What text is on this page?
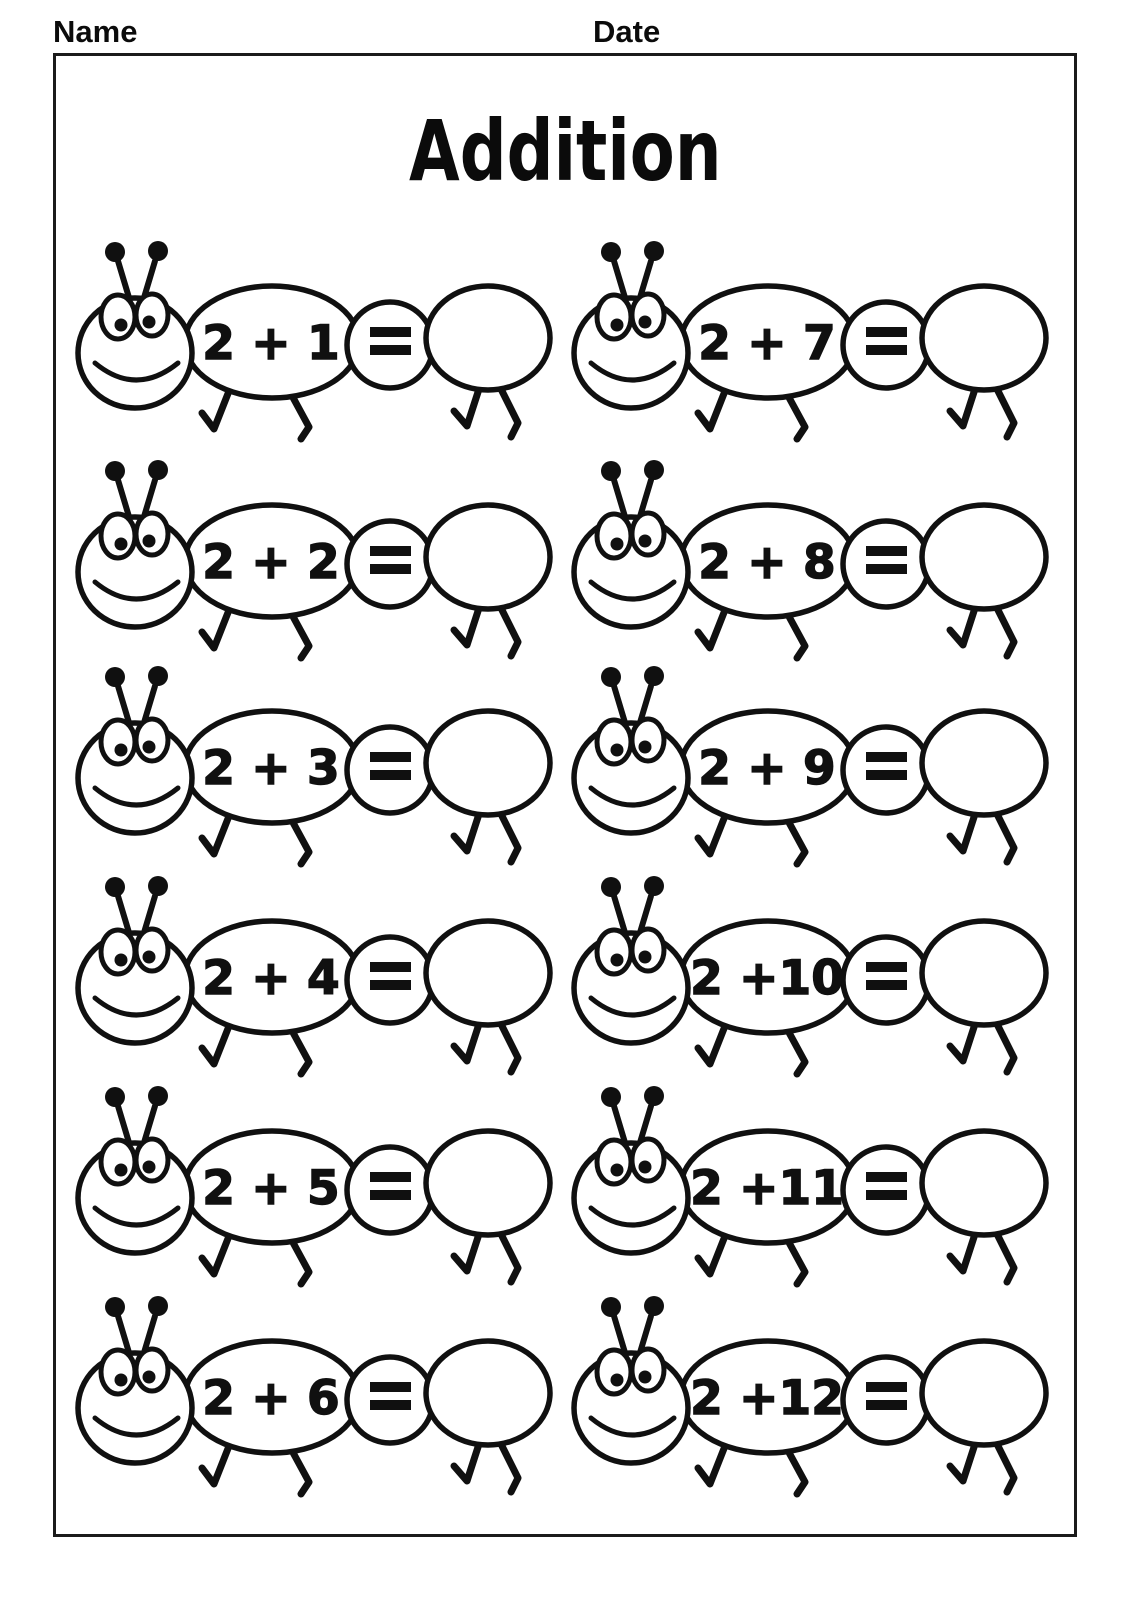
Name	Date
Addition
2 + 1
2 + 2
2 + 3
2 + 4
2 + 5
2 + 6
2 + 7
2 + 8
2 + 9
2 +10
2 +11
2 +12
